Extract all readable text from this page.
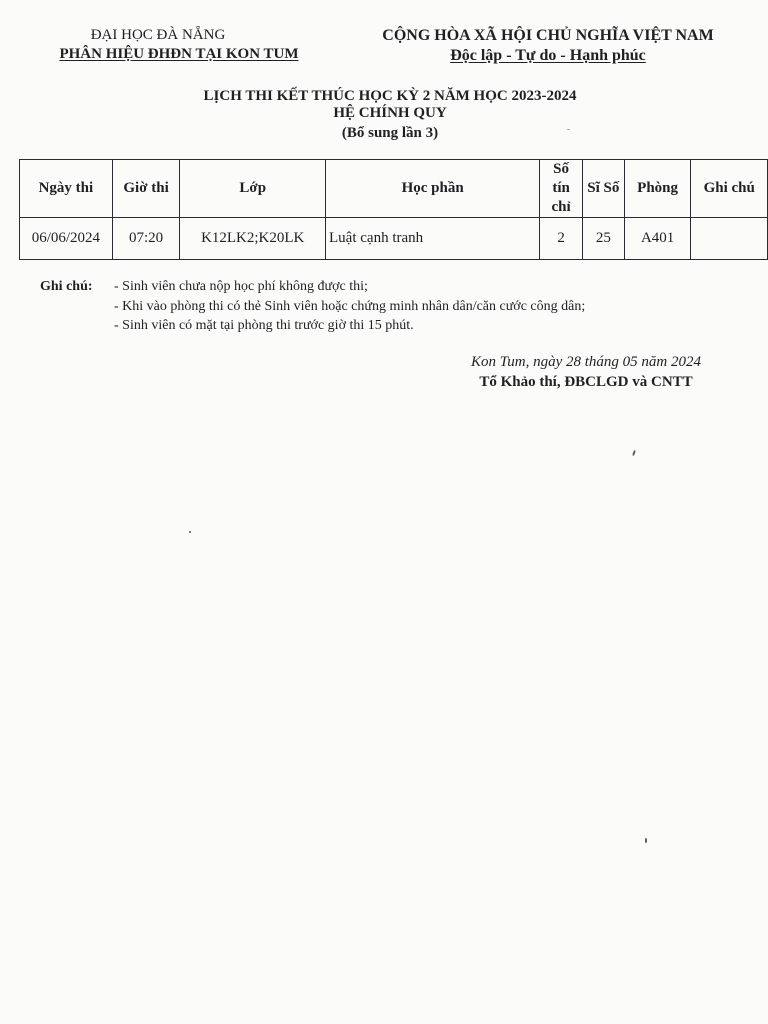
ĐẠI HỌC ĐÀ NẴNG
PHÂN HIỆU ĐHĐN TẠI KON TUM
CỘNG HÒA XÃ HỘI CHỦ NGHĨA VIỆT NAM
Độc lập - Tự do - Hạnh phúc
LỊCH THI KẾT THÚC HỌC KỲ 2 NĂM HỌC 2023-2024
HỆ CHÍNH QUY
(Bổ sung lần 3)
Ngày thi	Giờ thi	Lớp	Học phần	Số
tín
chỉ	Sĩ Số	Phòng	Ghi chú
06/06/2024	07:20	K12LK2;K20LK	Luật cạnh tranh	2	25	A401	
Ghi chú: - Sinh viên chưa nộp học phí không được thi;
- Khi vào phòng thi có thẻ Sinh viên hoặc chứng minh nhân dân/căn cước công dân;
- Sinh viên có mặt tại phòng thi trước giờ thi 15 phút.
Kon Tum, ngày 28 tháng 05 năm 2024
Tổ Khảo thí, ĐBCLGD và CNTT
